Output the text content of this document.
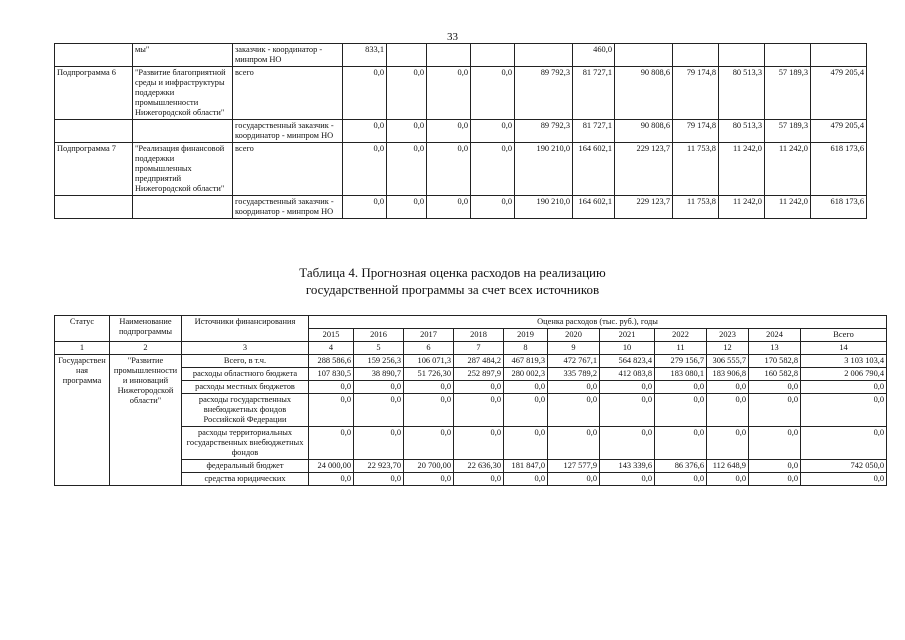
33
	мы"	заказчик - координатор - минпром НО	833,1					460,0					
Подпрограмма 6	"Развитие благоприятной среды и инфраструктуры поддержки промышленности Нижегородской области"	всего	0,0	0,0	0,0	0,0	89 792,3	81 727,1	90 808,6	79 174,8	80 513,3	57 189,3	479 205,4
		государственный заказчик - координатор - минпром НО	0,0	0,0	0,0	0,0	89 792,3	81 727,1	90 808,6	79 174,8	80 513,3	57 189,3	479 205,4
Подпрограмма 7	"Реализация финансовой поддержки промышленных предприятий Нижегородской области"	всего	0,0	0,0	0,0	0,0	190 210,0	164 602,1	229 123,7	11 753,8	11 242,0	11 242,0	618 173,6
		государственный заказчик - координатор - минпром НО	0,0	0,0	0,0	0,0	190 210,0	164 602,1	229 123,7	11 753,8	11 242,0	11 242,0	618 173,6
Таблица 4. Прогнозная оценка расходов на реализацию
государственной программы за счет всех источников
Статус	Наименование подпрограммы	Источники финансирования	Оценка расходов (тыс. руб.), годы										
			2015	2016	2017	2018	2019	2020	2021	2022	2023	2024	Всего
1	2	3	4	5	6	7	8	9	10	11	12	13	14
Государственная программа	"Развитие промышленности и инноваций Нижегородской области"	Всего, в т.ч.	288 586,6	159 256,3	106 071,3	287 484,2	467 819,3	472 767,1	564 823,4	279 156,7	306 555,7	170 582,8	3 103 103,4
		расходы областного бюджета	107 830,5	38 890,7	51 726,30	252 897,9	280 002,3	335 789,2	412 083,8	183 080,1	183 906,8	160 582,8	2 006 790,4
		расходы местных бюджетов	0,0	0,0	0,0	0,0	0,0	0,0	0,0	0,0	0,0	0,0	0,0
		расходы государственных внебюджетных фондов Российской Федерации	0,0	0,0	0,0	0,0	0,0	0,0	0,0	0,0	0,0	0,0	0,0
		расходы территориальных государственных внебюджетных фондов	0,0	0,0	0,0	0,0	0,0	0,0	0,0	0,0	0,0	0,0	0,0
		федеральный бюджет	24 000,00	22 923,70	20 700,00	22 636,30	181 847,0	127 577,9	143 339,6	86 376,6	112 648,9	0,0	742 050,0
		средства юридических	0,0	0,0	0,0	0,0	0,0	0,0	0,0	0,0	0,0	0,0	0,0
